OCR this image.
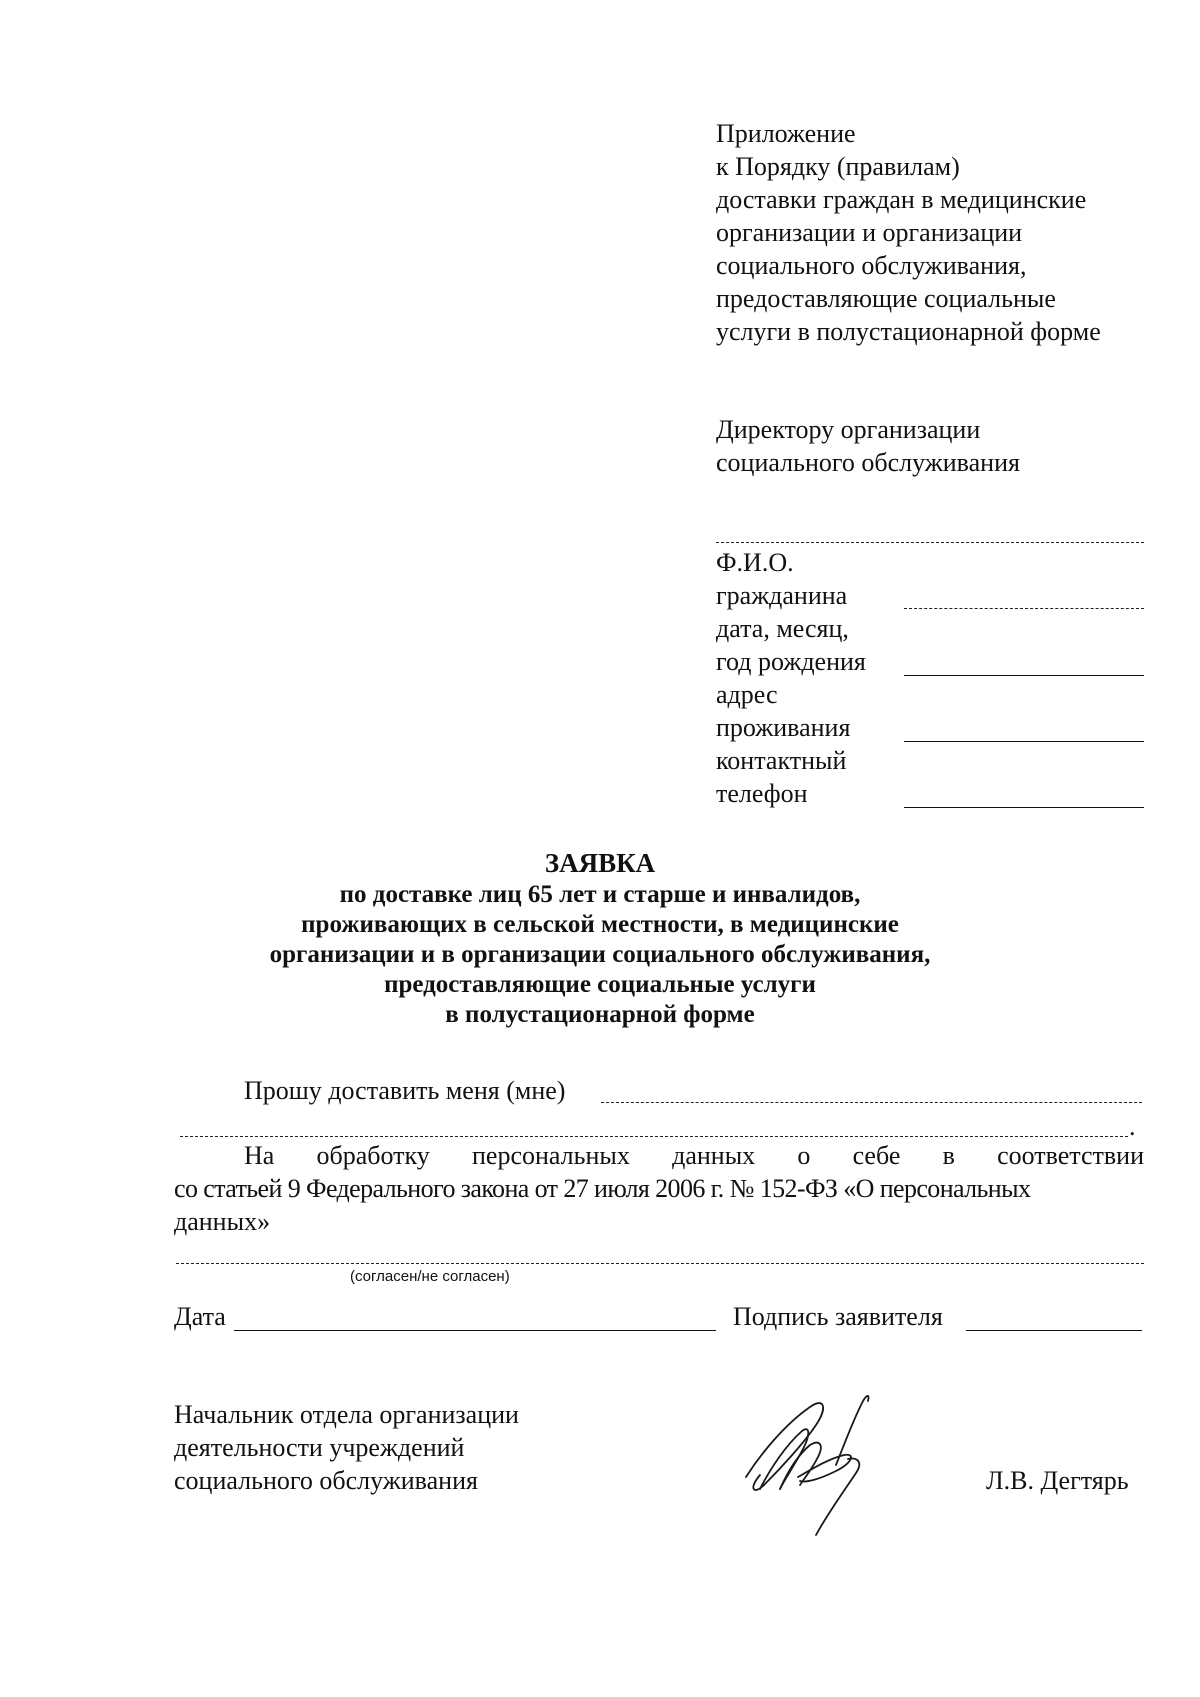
Приложение
к Порядку (правилам)
доставки граждан в медицинские
организации и организации
социального обслуживания,
предоставляющие социальные
услуги в полустационарной форме
Директору организации
социального обслуживания
Ф.И.О.
гражданина
дата, месяц,
год рождения
адрес
проживания
контактный
телефон
ЗАЯВКА
по доставке лиц 65 лет и старше и инвалидов,
проживающих в сельской местности, в медицинские
организации и в организации социального обслуживания,
предоставляющие социальные услуги
в полустационарной форме
Прошу доставить меня (мне)
.
На обработку персональных данных о себе в соответствии
со статьей 9 Федерального закона от 27 июля 2006 г. № 152-ФЗ «О персональных
данных»
(согласен/не согласен)
Дата	Подпись заявителя
Начальник отдела организации
деятельности учреждений
социального обслуживания	Л.В. Дегтярь
